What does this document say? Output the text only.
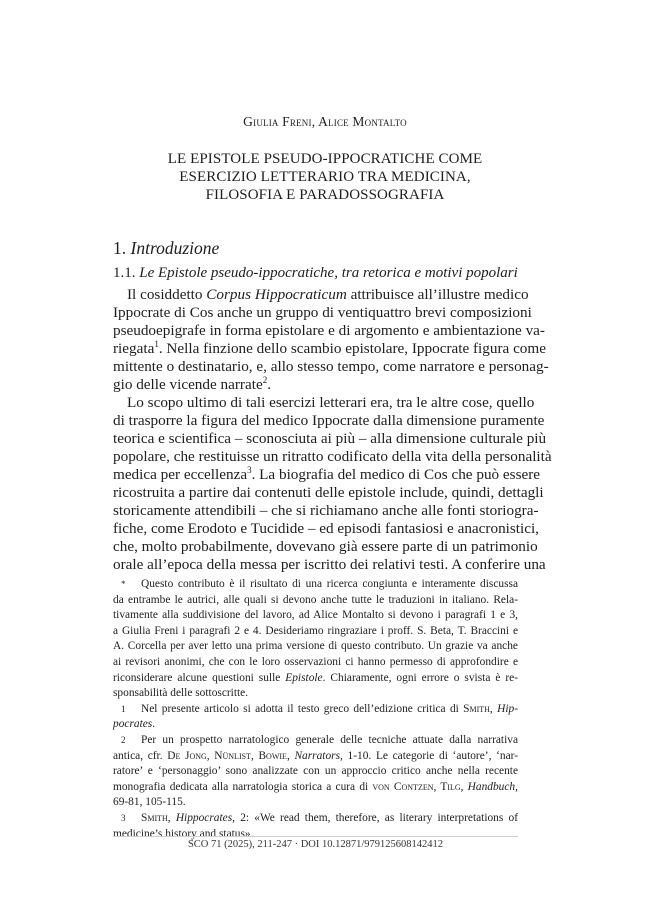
Giulia Freni, Alice Montalto
LE EPISTOLE PSEUDO-IPPOCRATICHE COME
ESERCIZIO LETTERARIO TRA MEDICINA,
FILOSOFIA E PARADOSSOGRAFIA
1. Introduzione
1.1. Le Epistole pseudo-ippocratiche, tra retorica e motivi popolari
Il cosiddetto Corpus Hippocraticum attribuisce all’illustre medico
Ippocrate di Cos anche un gruppo di ventiquattro brevi composizioni
pseudoepigrafe in forma epistolare e di argomento e ambientazione va-
riegata$^1$. Nella finzione dello scambio epistolare, Ippocrate figura come
mittente o destinatario, e, allo stesso tempo, come narratore e personag-
gio delle vicende narrate$^2$.
Lo scopo ultimo di tali esercizi letterari era, tra le altre cose, quello
di trasporre la figura del medico Ippocrate dalla dimensione puramente
teorica e scientifica – sconosciuta ai più – alla dimensione culturale più
popolare, che restituisse un ritratto codificato della vita della personalità
medica per eccellenza$^3$. La biografia del medico di Cos che può essere
ricostruita a partire dai contenuti delle epistole include, quindi, dettagli
storicamente attendibili – che si richiamano anche alle fonti storiogra-
fiche, come Erodoto e Tucidide – ed episodi fantasiosi e anacronistici,
che, molto probabilmente, dovevano già essere parte di un patrimonio
orale all’epoca della messa per iscritto dei relativi testi. A conferire una
* Questo contributo è il risultato di una ricerca congiunta e interamente discussa
da entrambe le autrici, alle quali si devono anche tutte le traduzioni in italiano. Rela-
tivamente alla suddivisione del lavoro, ad Alice Montalto si devono i paragrafi 1 e 3,
a Giulia Freni i paragrafi 2 e 4. Desideriamo ringraziare i proff. S. Beta, T. Braccini e
A. Corcella per aver letto una prima versione di questo contributo. Un grazie va anche
ai revisori anonimi, che con le loro osservazioni ci hanno permesso di approfondire e
riconsiderare alcune questioni sulle Epistole. Chiaramente, ogni errore o svista è re-
sponsabilità delle sottoscritte.
1 Nel presente articolo si adotta il testo greco dell’edizione critica di Smith, Hip-
pocrates.
2 Per un prospetto narratologico generale delle tecniche attuate dalla narrativa
antica, cfr. De Jong, Nünlist, Bowie, Narrators, 1-10. Le categorie di ‘autore’, ‘nar-
ratore’ e ‘personaggio’ sono analizzate con un approccio critico anche nella recente
monografia dedicata alla narratologia storica a cura di von Contzen, Tilg, Handbuch,
69-81, 105-115.
3 Smith, Hippocrates, 2: «We read them, therefore, as literary interpretations of
medicine’s history and status».
SCO 71 (2025), 211-247 · DOI 10.12871/979125608142412
